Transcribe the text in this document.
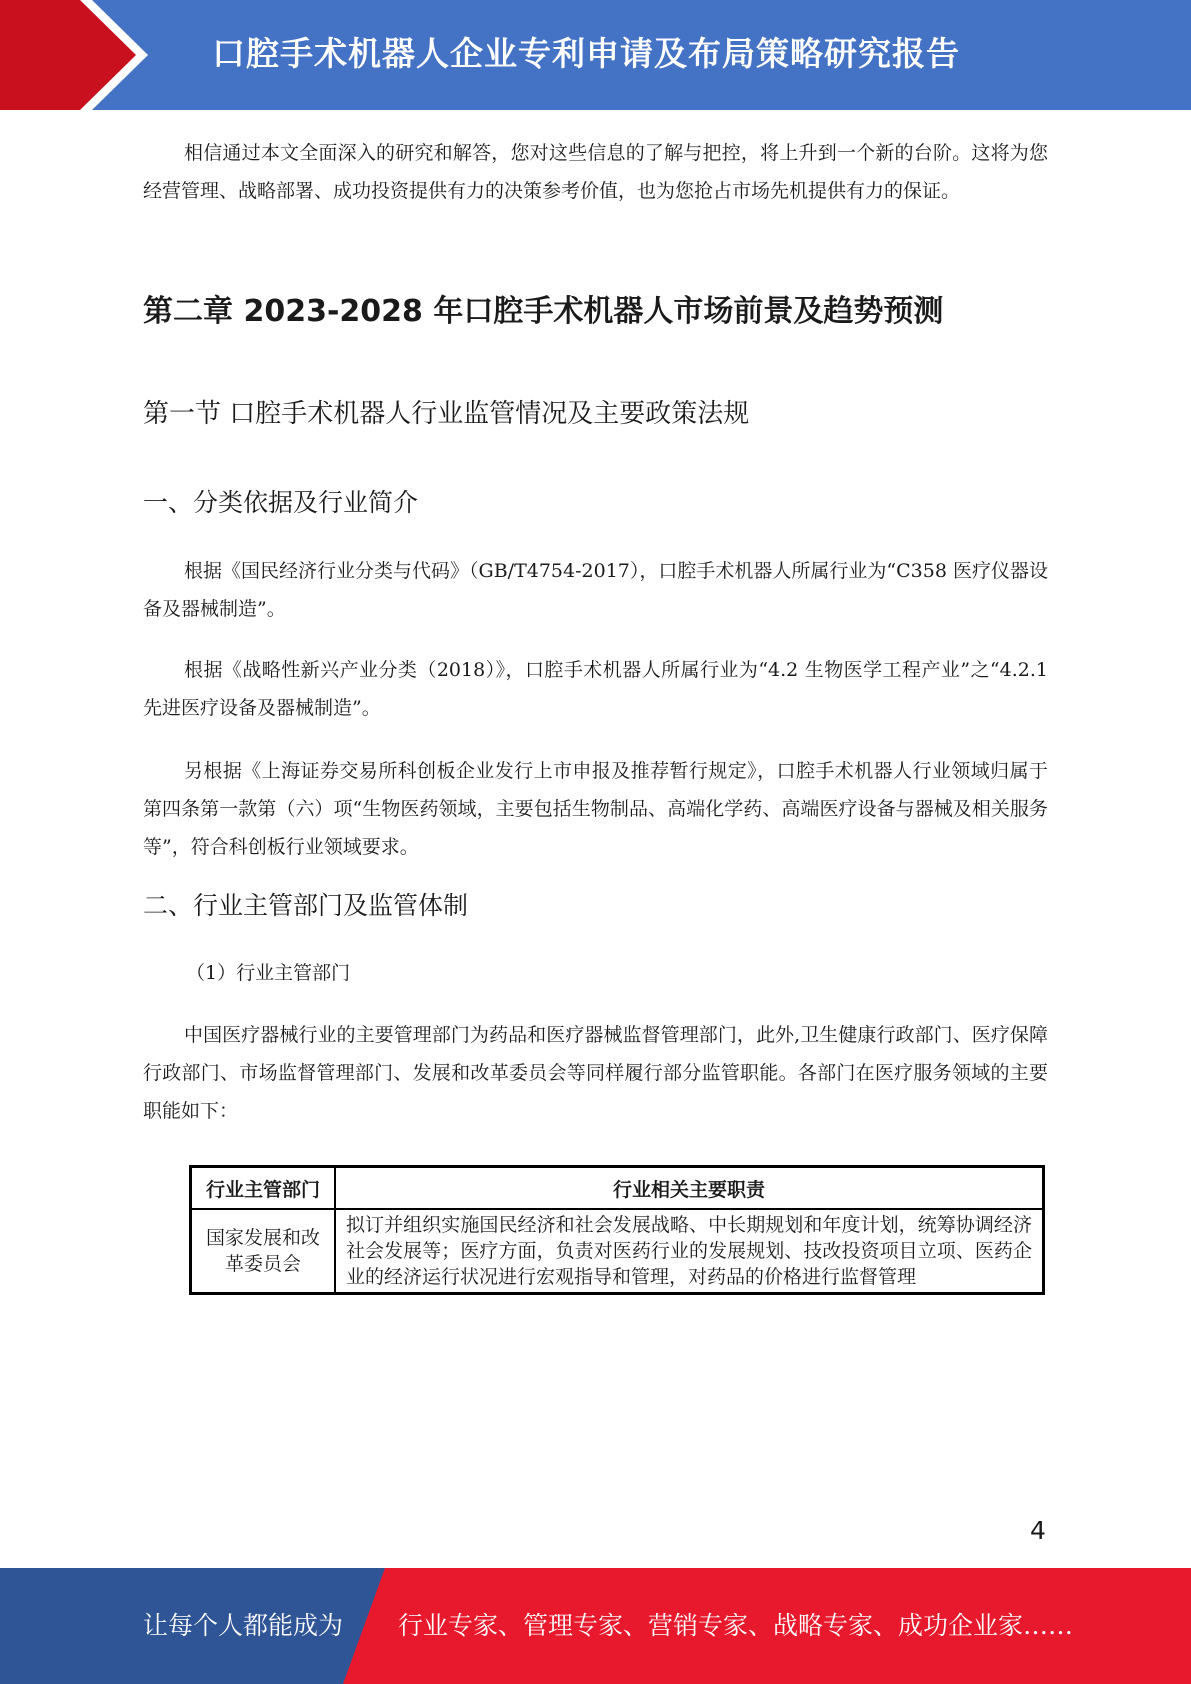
口腔手术机器人企业专利申请及布局策略研究报告

相信通过本文全面深入的研究和解答，您对这些信息的了解与把控，将上升到一个新的台阶。这将为您经营管理、战略部署、成功投资提供有力的决策参考价值，也为您抢占市场先机提供有力的保证。

第二章 2023-2028 年口腔手术机器人市场前景及趋势预测
第一节 口腔手术机器人行业监管情况及主要政策法规
一、分类依据及行业简介

根据《国民经济行业分类与代码》（GB/T4754-2017），口腔手术机器人所属行业为“C358 医疗仪器设备及器械制造”。

根据《战略性新兴产业分类（2018）》，口腔手术机器人所属行业为“4.2 生物医学工程产业”之“4.2.1 先进医疗设备及器械制造”。

另根据《上海证券交易所科创板企业发行上市申报及推荐暂行规定》，口腔手术机器人行业领域归属于第四条第一款第（六）项“生物医药领域，主要包括生物制品、高端化学药、高端医疗设备与器械及相关服务等”，符合科创板行业领域要求。

二、行业主管部门及监管体制

（1）行业主管部门

中国医疗器械行业的主要管理部门为药品和医疗器械监督管理部门，此外,卫生健康行政部门、医疗保障行政部门、市场监督管理部门、发展和改革委员会等同样履行部分监管职能。各部门在医疗服务领域的主要职能如下：

行业主管部门	行业相关主要职责
国家发展和改革委员会	拟订并组织实施国民经济和社会发展战略、中长期规划和年度计划，统筹协调经济社会发展等；医疗方面，负责对医药行业的发展规划、技改投资项目立项、医药企业的经济运行状况进行宏观指导和管理，对药品的价格进行监督管理
4
让每个人都能成为 行业专家、管理专家、营销专家、战略专家、成功企业家……
